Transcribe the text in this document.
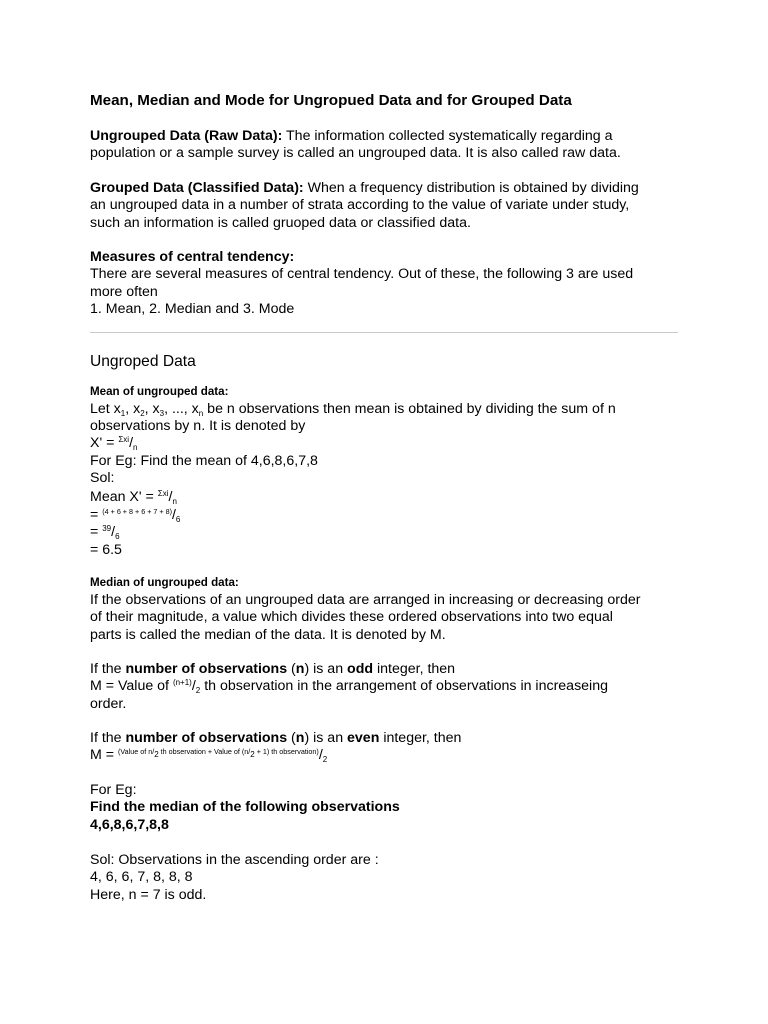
Mean, Median and Mode for Ungropued Data and for Grouped Data
Ungrouped Data (Raw Data): The information collected systematically regarding a
population or a sample survey is called an ungrouped data. It is also called raw data.
Grouped Data (Classified Data): When a frequency distribution is obtained by dividing
an ungrouped data in a number of strata according to the value of variate under study,
such an information is called gruoped data or classified data.
Measures of central tendency:
There are several measures of central tendency. Out of these, the following 3 are used
more often
1. Mean, 2. Median and 3. Mode
Ungroped Data
Mean of ungrouped data:
Let $x_1$, $x_2$, $x_3$, ..., $x_n$ be n observations then mean is obtained by dividing the sum of n
observations by n. It is denoted by
$X' = ^{\Sigma xi}/_n$
For Eg: Find the mean of 4,6,8,6,7,8
Sol:
Mean $X' = ^{\Sigma xi}/_n$
= $^{(4 + 6 + 8 + 6 + 7 + 8)}/_6$
= $^{39}/_6$
= 6.5
Median of ungrouped data:
If the observations of an ungrouped data are arranged in increasing or decreasing order
of their magnitude, a value which divides these ordered observations into two equal
parts is called the median of the data. It is denoted by M.
If the number of observations (n) is an odd integer, then
M = Value of $^{(n+1)}/_2$ th observation in the arrangement of observations in increaseing
order.
If the number of observations (n) is an even integer, then
$M = ^{(Value of n/_2 th observation + Value of (n/_2 + 1) th observation)}/_2$
For Eg:
Find the median of the following observations
4,6,8,6,7,8,8
Sol: Observations in the ascending order are :
4, 6, 6, 7, 8, 8, 8
Here, n = 7 is odd.
